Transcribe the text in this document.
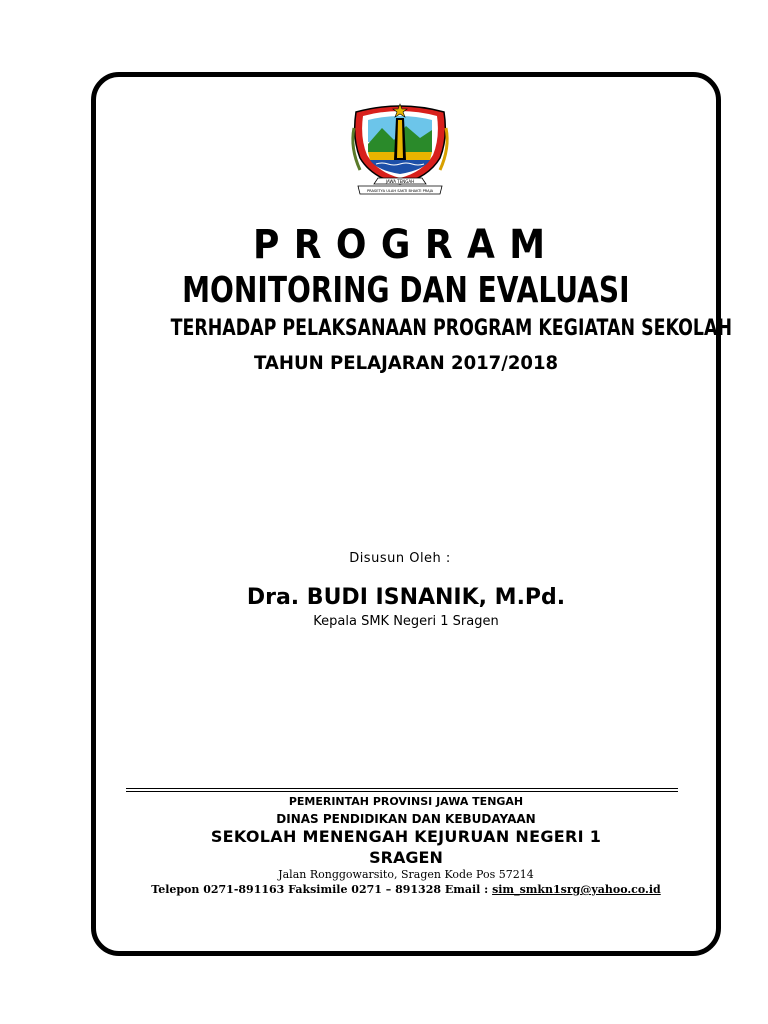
JAWA TENGAH
PRASETYA ULAH SAKTI BHAKTI PRAJA
PROGRAM
MONITORING DAN EVALUASI
TERHADAP PELAKSANAAN PROGRAM KEGIATAN SEKOLAH
TAHUN PELAJARAN 2017/2018
Disusun Oleh :
Dra. BUDI ISNANIK, M.Pd.
Kepala SMK Negeri 1 Sragen
PEMERINTAH PROVINSI JAWA TENGAH
DINAS PENDIDIKAN DAN KEBUDAYAAN
SEKOLAH MENENGAH KEJURUAN NEGERI 1
SRAGEN
Jalan Ronggowarsito, Sragen Kode Pos 57214
Telepon 0271-891163 Faksimile 0271 – 891328 Email : sim_smkn1srg@yahoo.co.id
